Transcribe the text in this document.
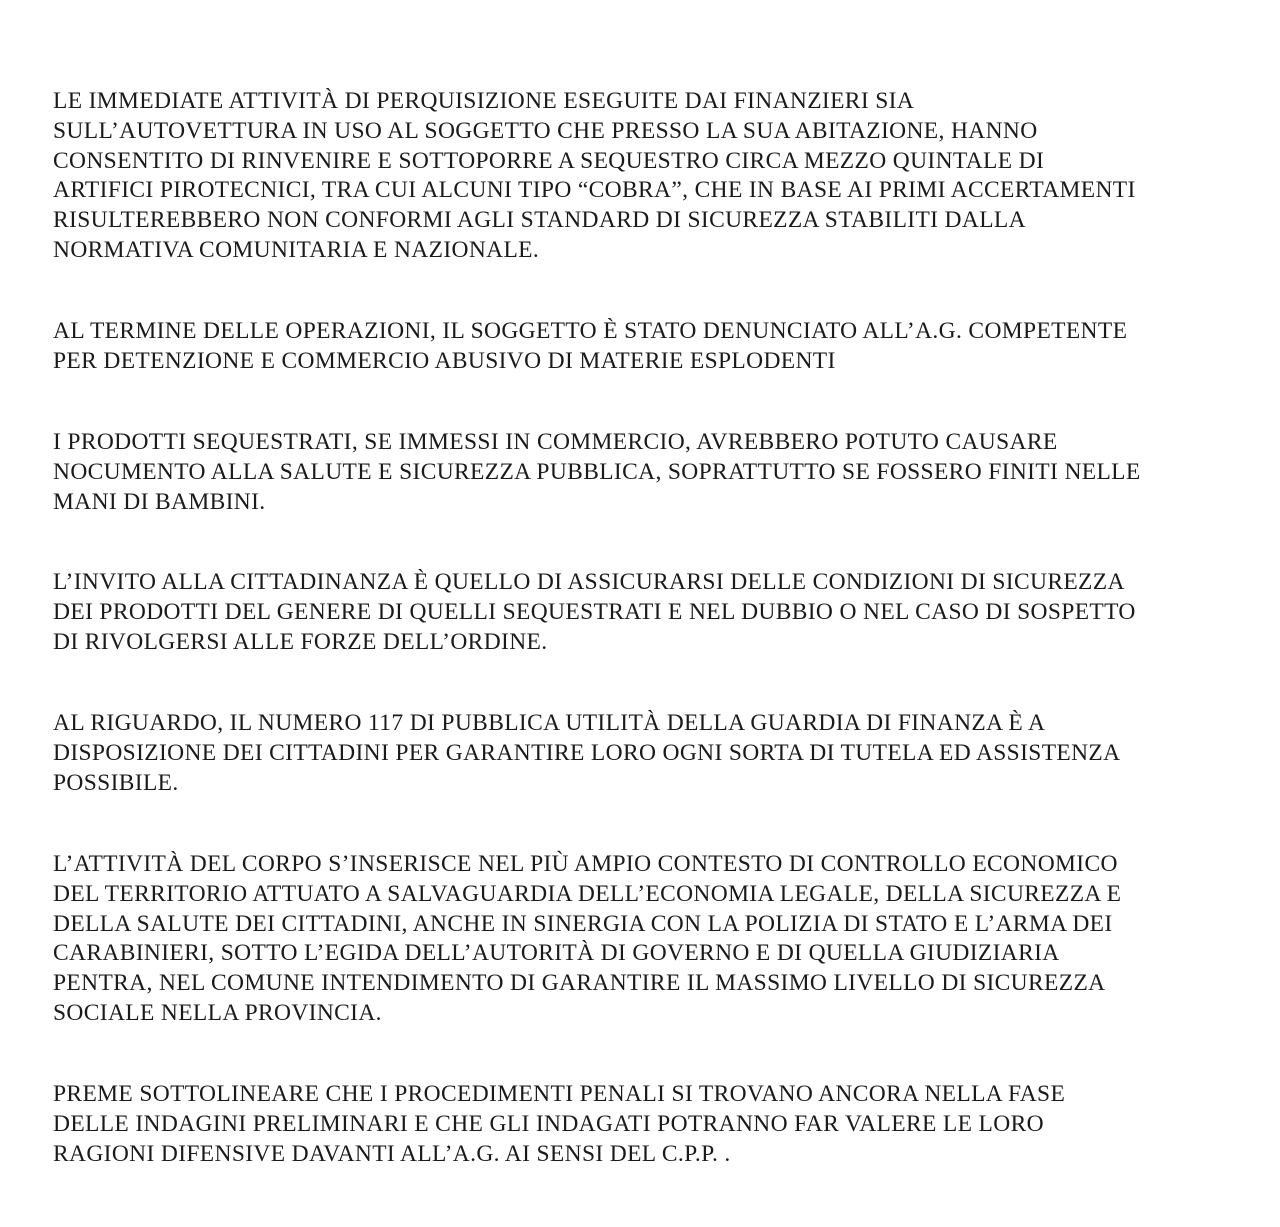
LE IMMEDIATE ATTIVITÀ DI PERQUISIZIONE ESEGUITE DAI FINANZIERI SIA
SULL’AUTOVETTURA IN USO AL SOGGETTO CHE PRESSO LA SUA ABITAZIONE, HANNO
CONSENTITO DI RINVENIRE E SOTTOPORRE A SEQUESTRO CIRCA MEZZO QUINTALE DI
ARTIFICI PIROTECNICI, TRA CUI ALCUNI TIPO “COBRA”, CHE IN BASE AI PRIMI ACCERTAMENTI
RISULTEREBBERO NON CONFORMI AGLI STANDARD DI SICUREZZA STABILITI DALLA
NORMATIVA COMUNITARIA E NAZIONALE.

AL TERMINE DELLE OPERAZIONI, IL SOGGETTO È STATO DENUNCIATO ALL’A.G. COMPETENTE
PER DETENZIONE E COMMERCIO ABUSIVO DI MATERIE ESPLODENTI

I PRODOTTI SEQUESTRATI, SE IMMESSI IN COMMERCIO, AVREBBERO POTUTO CAUSARE
NOCUMENTO ALLA SALUTE E SICUREZZA PUBBLICA, SOPRATTUTTO SE FOSSERO FINITI NELLE
MANI DI BAMBINI.

L’INVITO ALLA CITTADINANZA È QUELLO DI ASSICURARSI DELLE CONDIZIONI DI SICUREZZA
DEI PRODOTTI DEL GENERE DI QUELLI SEQUESTRATI E NEL DUBBIO O NEL CASO DI SOSPETTO
DI RIVOLGERSI ALLE FORZE DELL’ORDINE.

AL RIGUARDO, IL NUMERO 117 DI PUBBLICA UTILITÀ DELLA GUARDIA DI FINANZA È A
DISPOSIZIONE DEI CITTADINI PER GARANTIRE LORO OGNI SORTA DI TUTELA ED ASSISTENZA
POSSIBILE.

L’ATTIVITÀ DEL CORPO S’INSERISCE NEL PIÙ AMPIO CONTESTO DI CONTROLLO ECONOMICO
DEL TERRITORIO ATTUATO A SALVAGUARDIA DELL’ECONOMIA LEGALE, DELLA SICUREZZA E
DELLA SALUTE DEI CITTADINI, ANCHE IN SINERGIA CON LA POLIZIA DI STATO E L’ARMA DEI
CARABINIERI, SOTTO L’EGIDA DELL’AUTORITÀ DI GOVERNO E DI QUELLA GIUDIZIARIA
PENTRA, NEL COMUNE INTENDIMENTO DI GARANTIRE IL MASSIMO LIVELLO DI SICUREZZA
SOCIALE NELLA PROVINCIA.

PREME SOTTOLINEARE CHE I PROCEDIMENTI PENALI SI TROVANO ANCORA NELLA FASE
DELLE INDAGINI PRELIMINARI E CHE GLI INDAGATI POTRANNO FAR VALERE LE LORO
RAGIONI DIFENSIVE DAVANTI ALL’A.G. AI SENSI DEL C.P.P. .
